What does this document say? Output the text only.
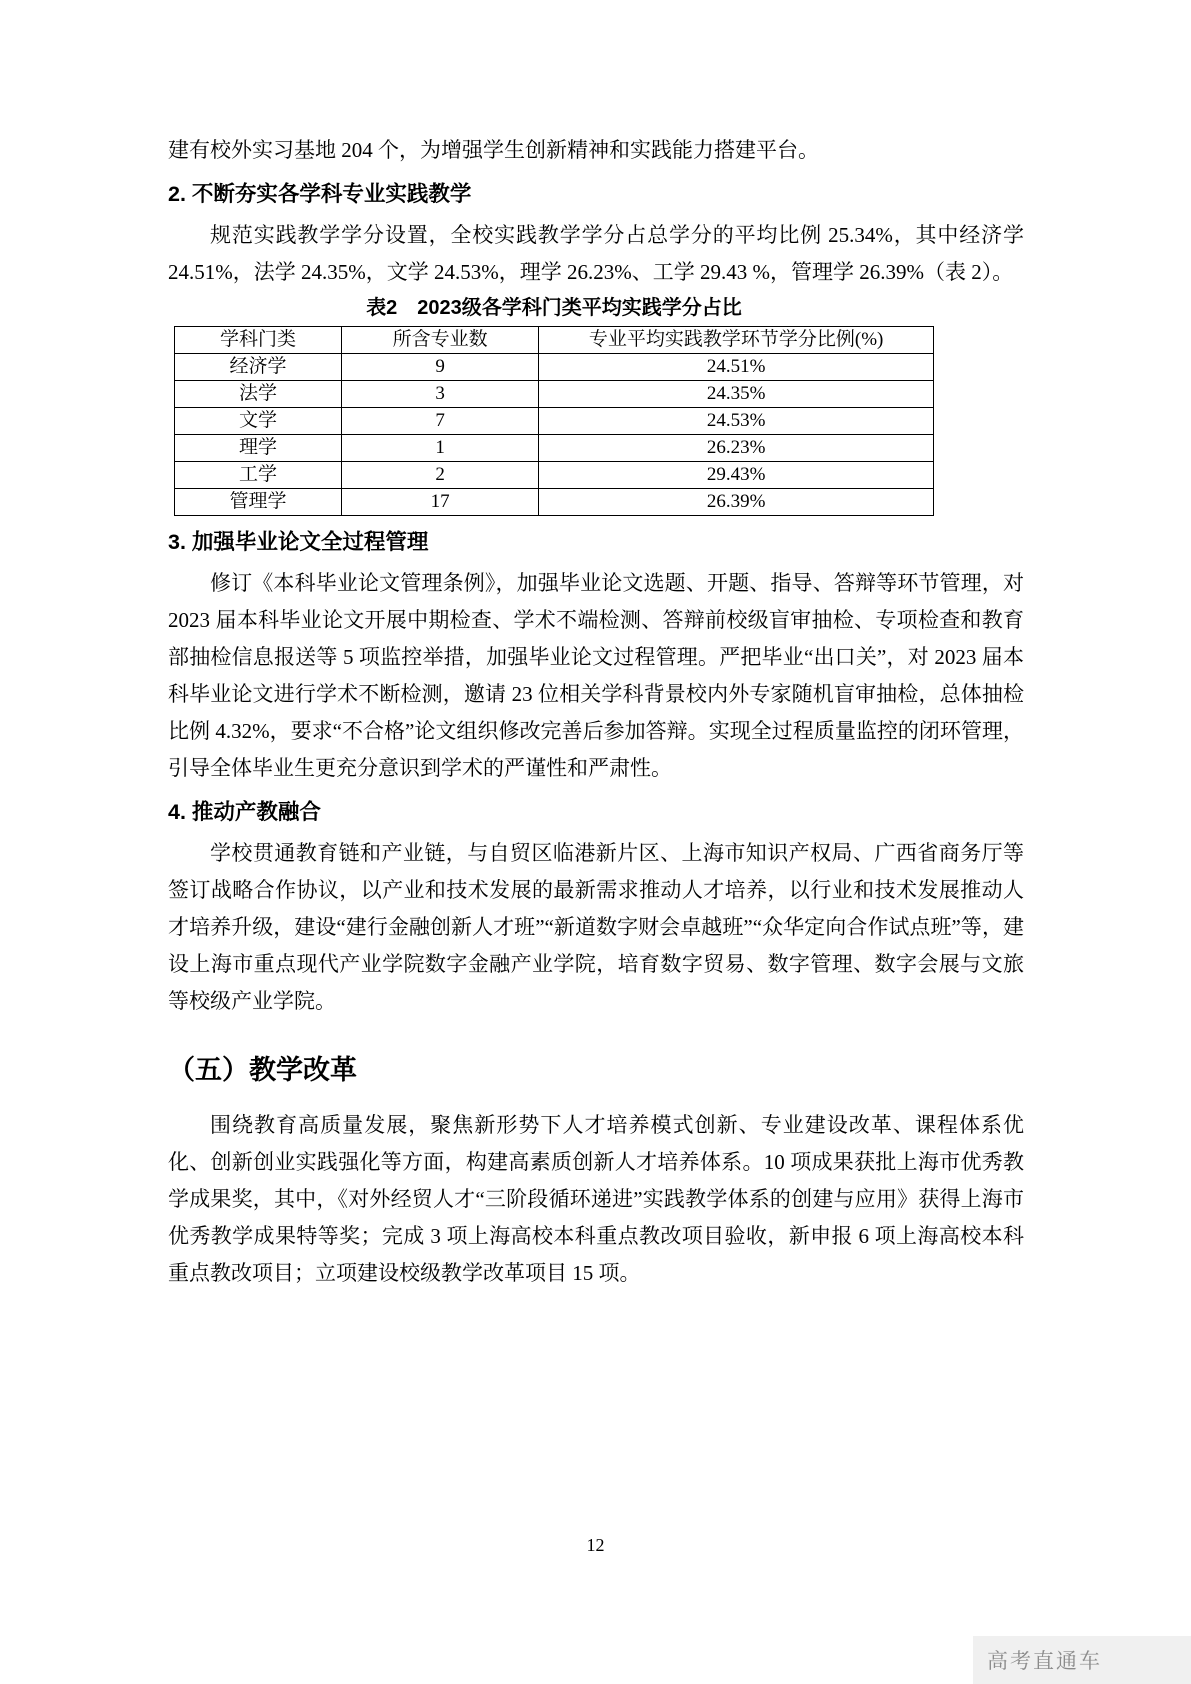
建有校外实习基地 204 个，为增强学生创新精神和实践能力搭建平台。

2. 不断夯实各学科专业实践教学

规范实践教学学分设置，全校实践教学学分占总学分的平均比例 25.34%，其中经济学 24.51%，法学 24.35%，文学 24.53%，理学 26.23%、工学 29.43 %，管理学 26.39%（表 2）。

表2　2023级各学科门类平均实践学分占比
学科门类	所含专业数	专业平均实践教学环节学分比例(%)
经济学	9	24.51%
法学	3	24.35%
文学	7	24.53%
理学	1	26.23%
工学	2	29.43%
管理学	17	26.39%
3. 加强毕业论文全过程管理

修订《本科毕业论文管理条例》，加强毕业论文选题、开题、指导、答辩等环节管理，对 2023 届本科毕业论文开展中期检查、学术不端检测、答辩前校级盲审抽检、专项检查和教育部抽检信息报送等 5 项监控举措，加强毕业论文过程管理。严把毕业“出口关”，对 2023 届本科毕业论文进行学术不断检测，邀请 23 位相关学科背景校内外专家随机盲审抽检，总体抽检比例 4.32%，要求“不合格”论文组织修改完善后参加答辩。实现全过程质量监控的闭环管理，引导全体毕业生更充分意识到学术的严谨性和严肃性。

4. 推动产教融合

学校贯通教育链和产业链，与自贸区临港新片区、上海市知识产权局、广西省商务厅等签订战略合作协议，以产业和技术发展的最新需求推动人才培养，以行业和技术发展推动人才培养升级，建设“建行金融创新人才班”“新道数字财会卓越班”“众华定向合作试点班”等，建设上海市重点现代产业学院数字金融产业学院，培育数字贸易、数字管理、数字会展与文旅等校级产业学院。

（五）教学改革

围绕教育高质量发展，聚焦新形势下人才培养模式创新、专业建设改革、课程体系优化、创新创业实践强化等方面，构建高素质创新人才培养体系。10 项成果获批上海市优秀教学成果奖，其中，《对外经贸人才“三阶段循环递进”实践教学体系的创建与应用》获得上海市优秀教学成果特等奖；完成 3 项上海高校本科重点教改项目验收，新申报 6 项上海高校本科重点教改项目；立项建设校级教学改革项目 15 项。

12
高考直通车
